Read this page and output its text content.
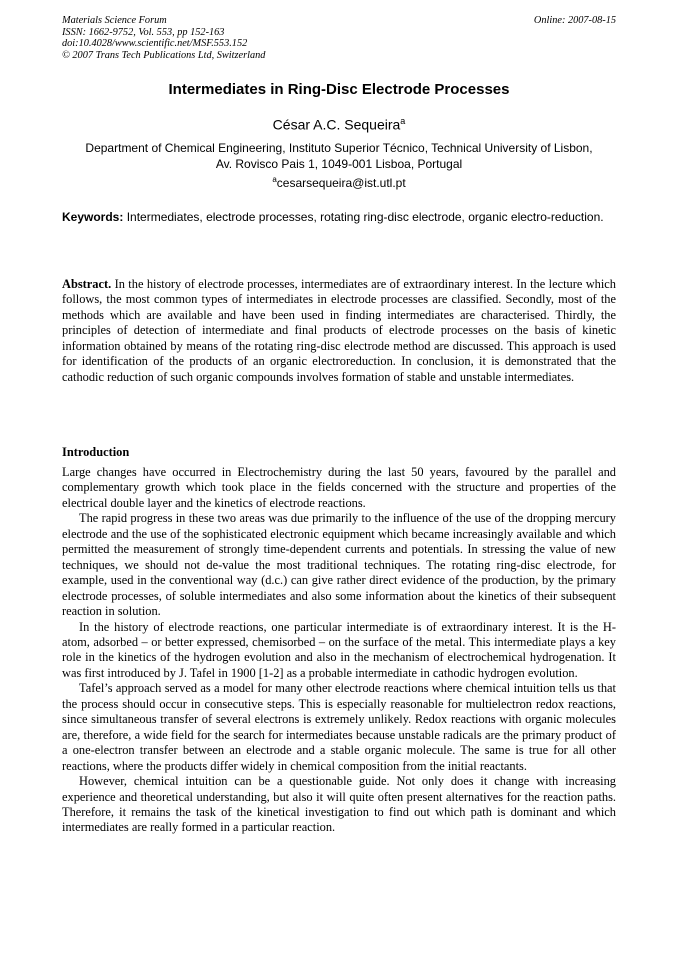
Materials Science Forum
ISSN: 1662-9752, Vol. 553, pp 152-163
doi:10.4028/www.scientific.net/MSF.553.152
© 2007 Trans Tech Publications Ltd, Switzerland
Online: 2007-08-15
Intermediates in Ring-Disc Electrode Processes
César A.C. Sequeira$^a$
Department of Chemical Engineering, Instituto Superior Técnico, Technical University of Lisbon,
Av. Rovisco Pais 1, 1049-001 Lisboa, Portugal
$^a$cesarsequeira@ist.utl.pt
Keywords: Intermediates, electrode processes, rotating ring-disc electrode, organic electro-reduction.
Abstract. In the history of electrode processes, intermediates are of extraordinary interest. In the lecture which follows, the most common types of intermediates in electrode processes are classified. Secondly, most of the methods which are available and have been used in finding intermediates are characterised. Thirdly, the principles of detection of intermediate and final products of electrode processes on the basis of kinetic information obtained by means of the rotating ring-disc electrode method are discussed. This approach is used for identification of the products of an organic electroreduction. In conclusion, it is demonstrated that the cathodic reduction of such organic compounds involves formation of stable and unstable intermediates.
Introduction

Large changes have occurred in Electrochemistry during the last 50 years, favoured by the parallel and complementary growth which took place in the fields concerned with the structure and properties of the electrical double layer and the kinetics of electrode reactions.

The rapid progress in these two areas was due primarily to the influence of the use of the dropping mercury electrode and the use of the sophisticated electronic equipment which became increasingly available and which permitted the measurement of strongly time-dependent currents and potentials. In stressing the value of new techniques, we should not de-value the most traditional techniques. The rotating ring-disc electrode, for example, used in the conventional way (d.c.) can give rather direct evidence of the production, by the primary electrode processes, of soluble intermediates and also some information about the kinetics of their subsequent reaction in solution.

In the history of electrode reactions, one particular intermediate is of extraordinary interest. It is the H-atom, adsorbed – or better expressed, chemisorbed – on the surface of the metal. This intermediate plays a key role in the kinetics of the hydrogen evolution and also in the mechanism of electrochemical hydrogenation. It was first introduced by J. Tafel in 1900 [1-2] as a probable intermediate in cathodic hydrogen evolution.

Tafel’s approach served as a model for many other electrode reactions where chemical intuition tells us that the process should occur in consecutive steps. This is especially reasonable for multielectron redox reactions, since simultaneous transfer of several electrons is extremely unlikely. Redox reactions with organic molecules are, therefore, a wide field for the search for intermediates because unstable radicals are the primary product of a one-electron transfer between an electrode and a stable organic molecule. The same is true for all other reactions, where the products differ widely in chemical composition from the initial reactants.

However, chemical intuition can be a questionable guide. Not only does it change with increasing experience and theoretical understanding, but also it will quite often present alternatives for the reaction paths. Therefore, it remains the task of the kinetical investigation to find out which path is dominant and which intermediates are really formed in a particular reaction.
